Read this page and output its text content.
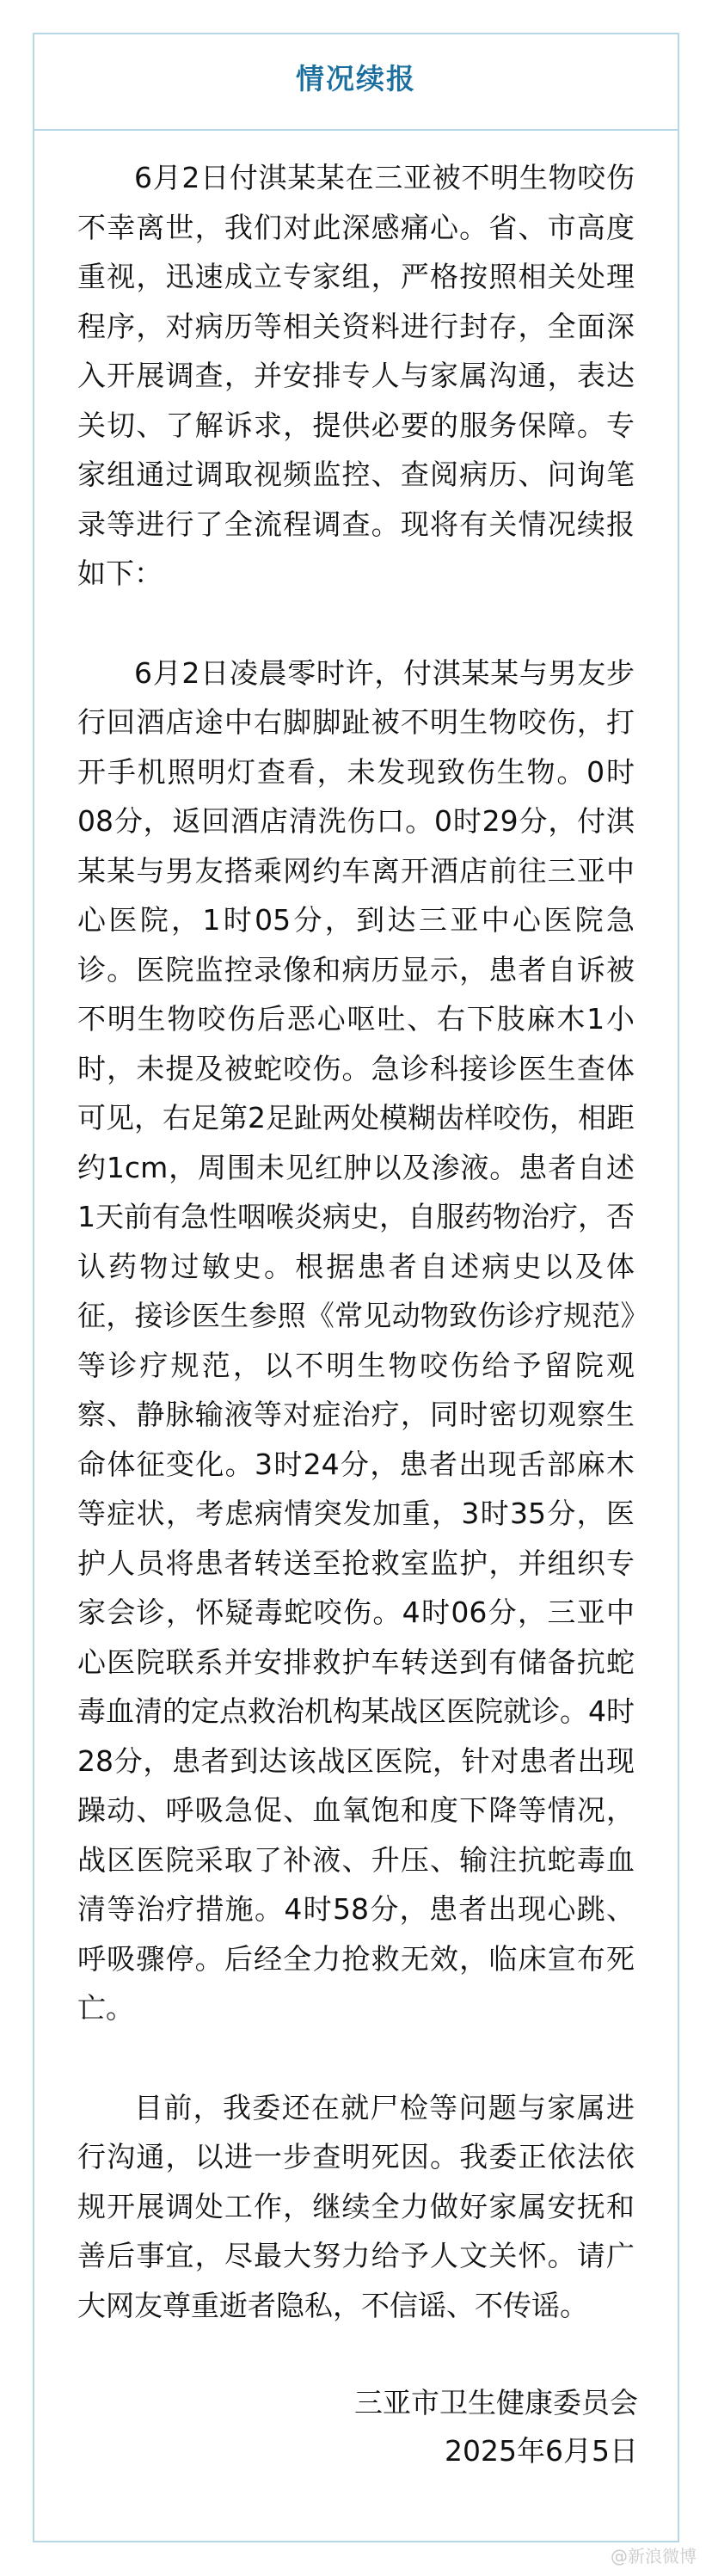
情况续报

6月2日付淇某某在三亚被不明生物咬伤不幸离世，我们对此深感痛心。省、市高度重视，迅速成立专家组，严格按照相关处理程序，对病历等相关资料进行封存，全面深入开展调查，并安排专人与家属沟通，表达关切、了解诉求，提供必要的服务保障。专家组通过调取视频监控、查阅病历、问询笔录等进行了全流程调查。现将有关情况续报如下：

6月2日凌晨零时许，付淇某某与男友步行回酒店途中右脚脚趾被不明生物咬伤，打开手机照明灯查看，未发现致伤生物。0时08分，返回酒店清洗伤口。0时29分，付淇某某与男友搭乘网约车离开酒店前往三亚中心医院，1时05分，到达三亚中心医院急诊。医院监控录像和病历显示，患者自诉被不明生物咬伤后恶心呕吐、右下肢麻木1小时，未提及被蛇咬伤。急诊科接诊医生查体可见，右足第2足趾两处模糊齿样咬伤，相距约1cm，周围未见红肿以及渗液。患者自述1天前有急性咽喉炎病史，自服药物治疗，否认药物过敏史。根据患者自述病史以及体征，接诊医生参照《常见动物致伤诊疗规范》等诊疗规范，以不明生物咬伤给予留院观察、静脉输液等对症治疗，同时密切观察生命体征变化。3时24分，患者出现舌部麻木等症状，考虑病情突发加重，3时35分，医护人员将患者转送至抢救室监护，并组织专家会诊，怀疑毒蛇咬伤。4时06分，三亚中心医院联系并安排救护车转送到有储备抗蛇毒血清的定点救治机构某战区医院就诊。4时28分，患者到达该战区医院，针对患者出现躁动、呼吸急促、血氧饱和度下降等情况，战区医院采取了补液、升压、输注抗蛇毒血清等治疗措施。4时58分，患者出现心跳、呼吸骤停。后经全力抢救无效，临床宣布死亡。

目前，我委还在就尸检等问题与家属进行沟通，以进一步查明死因。我委正依法依规开展调处工作，继续全力做好家属安抚和善后事宜，尽最大努力给予人文关怀。请广大网友尊重逝者隐私，不信谣、不传谣。

三亚市卫生健康委员会
2025年6月5日
@新浪微博
